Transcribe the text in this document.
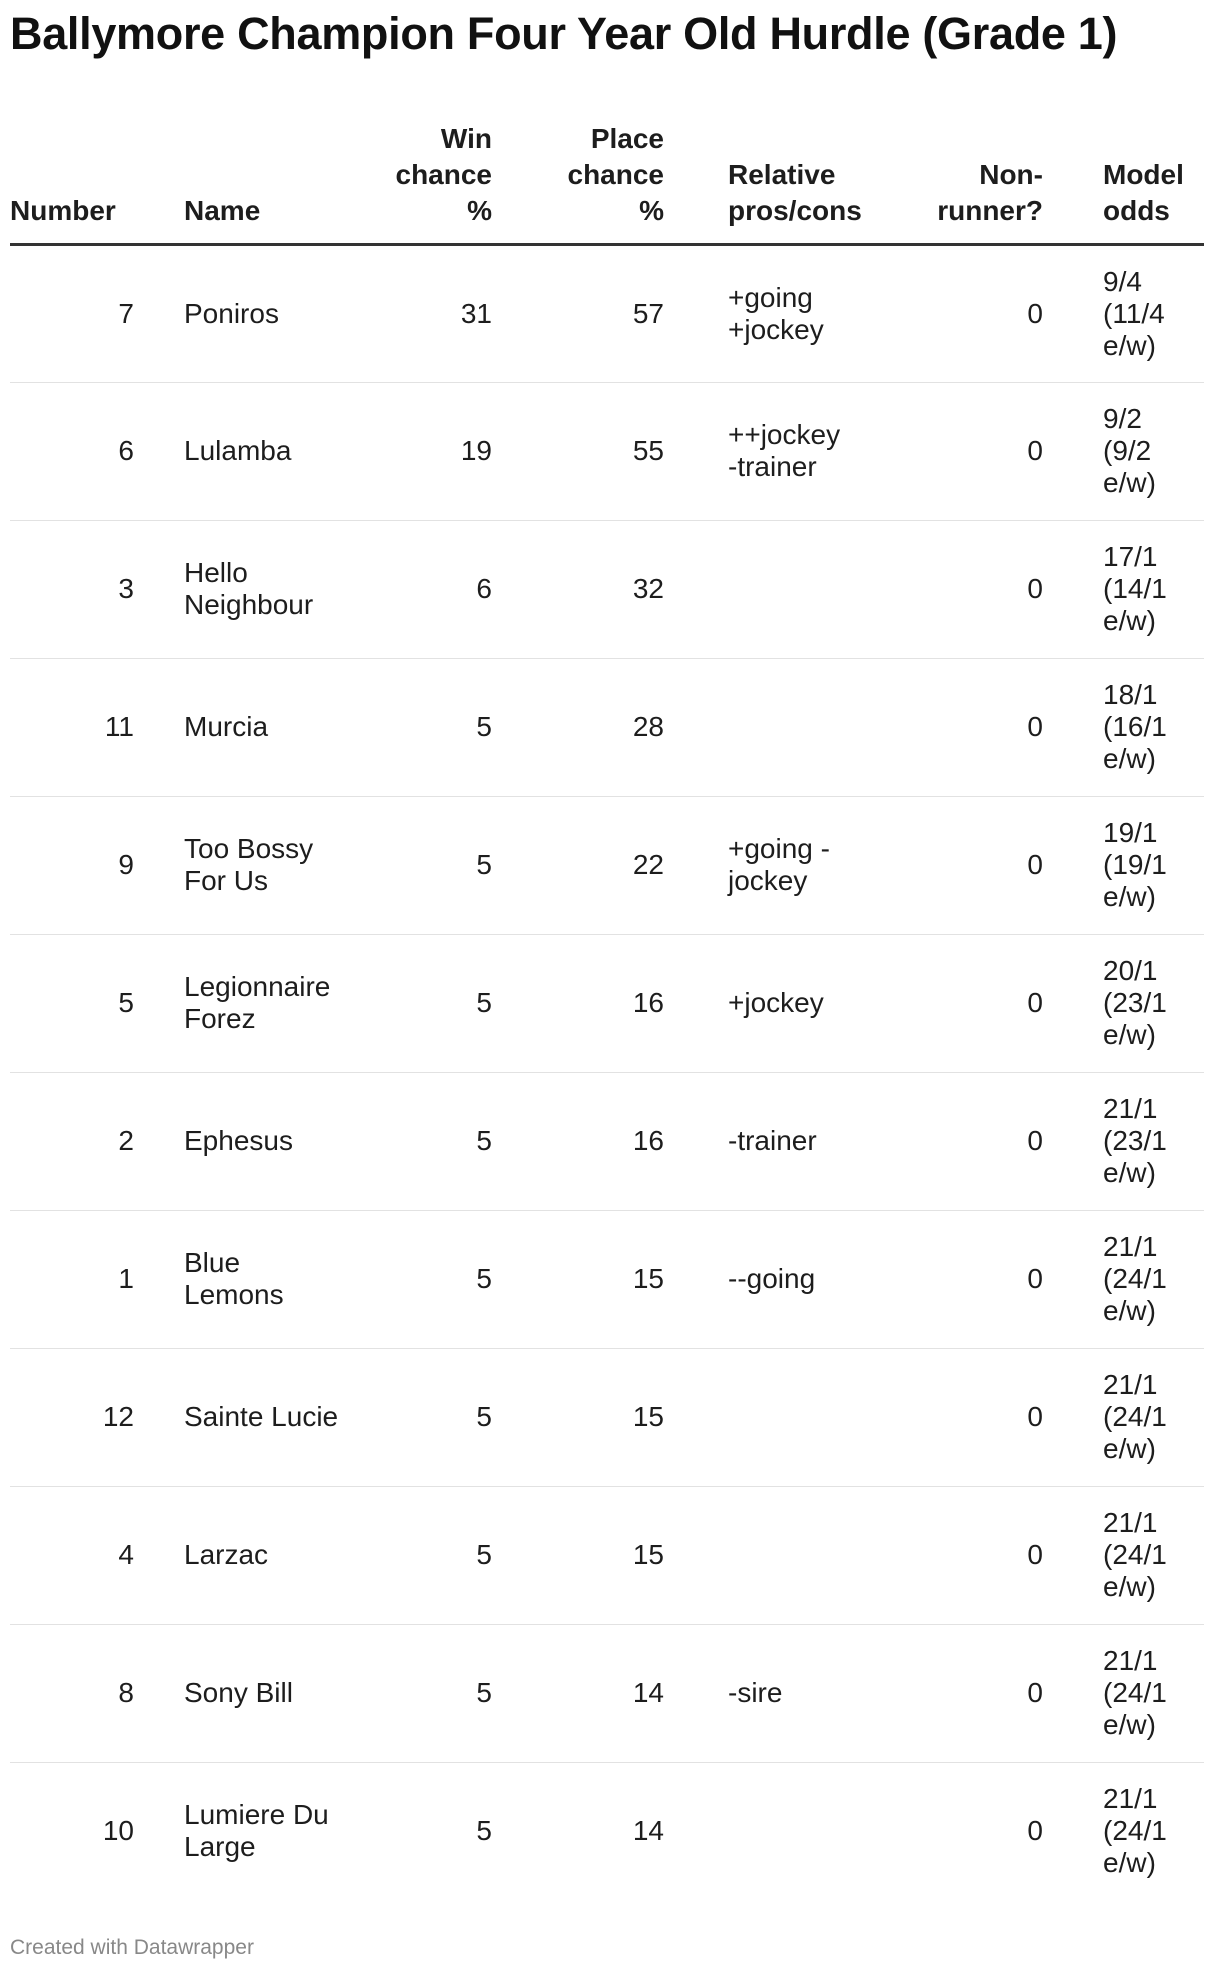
Ballymore Champion Four Year Old Hurdle (Grade 1)
Number	Name	Win chance %	Place chance %	Relative pros/cons	Non-runner?	Model odds
7	Poniros	31	57	+going +jockey	0	9/4 (11/4 e/w)

6	Lulamba	19	55	++jockey -trainer	0	9/2 (9/2 e/w)

3	Hello Neighbour	6	32		0	17/1 (14/1 e/w)

11	Murcia	5	28		0	18/1 (16/1 e/w)

9	Too Bossy For Us	5	22	+going -jockey	0	19/1 (19/1 e/w)

5	Legionnaire Forez	5	16	+jockey	0	20/1 (23/1 e/w)

2	Ephesus	5	16	-trainer	0	21/1 (23/1 e/w)

1	Blue Lemons	5	15	--going	0	21/1 (24/1 e/w)

12	Sainte Lucie	5	15		0	21/1 (24/1 e/w)

4	Larzac	5	15		0	21/1 (24/1 e/w)

8	Sony Bill	5	14	-sire	0	21/1 (24/1 e/w)

10	Lumiere Du Large	5	14		0	21/1 (24/1 e/w)
Created with Datawrapper
